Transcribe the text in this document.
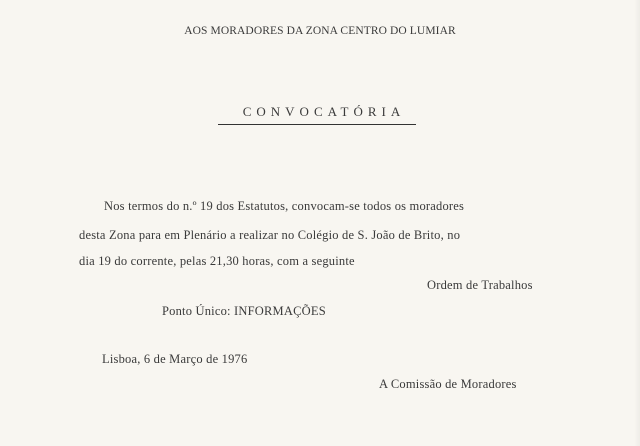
AOS MORADORES DA ZONA CENTRO DO LUMIAR
CONVOCATÓRIA
Nos termos do n.º 19 dos Estatutos, convocam-se todos os moradores
desta Zona para em Plenário a realizar no Colégio de S. João de Brito, no
dia 19 do corrente, pelas 21,30 horas, com a seguinte
Ordem de Trabalhos
Ponto Único: INFORMAÇÕES
Lisboa, 6 de Março de 1976
A Comissão de Moradores
